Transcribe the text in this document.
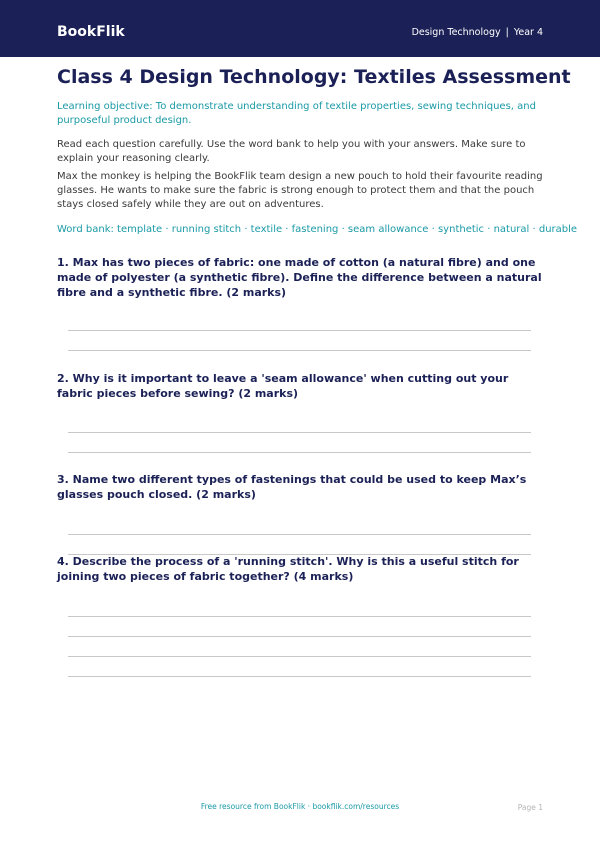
BookFlik	Design Technology | Year 4
Class 4 Design Technology: Textiles Assessment
Learning objective: To demonstrate understanding of textile properties, sewing techniques, and purposeful product design.
Read each question carefully. Use the word bank to help you with your answers. Make sure to explain your reasoning clearly.
Max the monkey is helping the BookFlik team design a new pouch to hold their favourite reading glasses. He wants to make sure the fabric is strong enough to protect them and that the pouch stays closed safely while they are out on adventures.
Word bank: template · running stitch · textile · fastening · seam allowance · synthetic · natural · durable
1. Max has two pieces of fabric: one made of cotton (a natural fibre) and one made of polyester (a synthetic fibre). Define the difference between a natural fibre and a synthetic fibre. (2 marks)
2. Why is it important to leave a 'seam allowance' when cutting out your fabric pieces before sewing? (2 marks)
3. Name two different types of fastenings that could be used to keep Max’s glasses pouch closed. (2 marks)
4. Describe the process of a 'running stitch'. Why is this a useful stitch for joining two pieces of fabric together? (4 marks)
Free resource from BookFlik · bookflik.com/resources	Page 1
